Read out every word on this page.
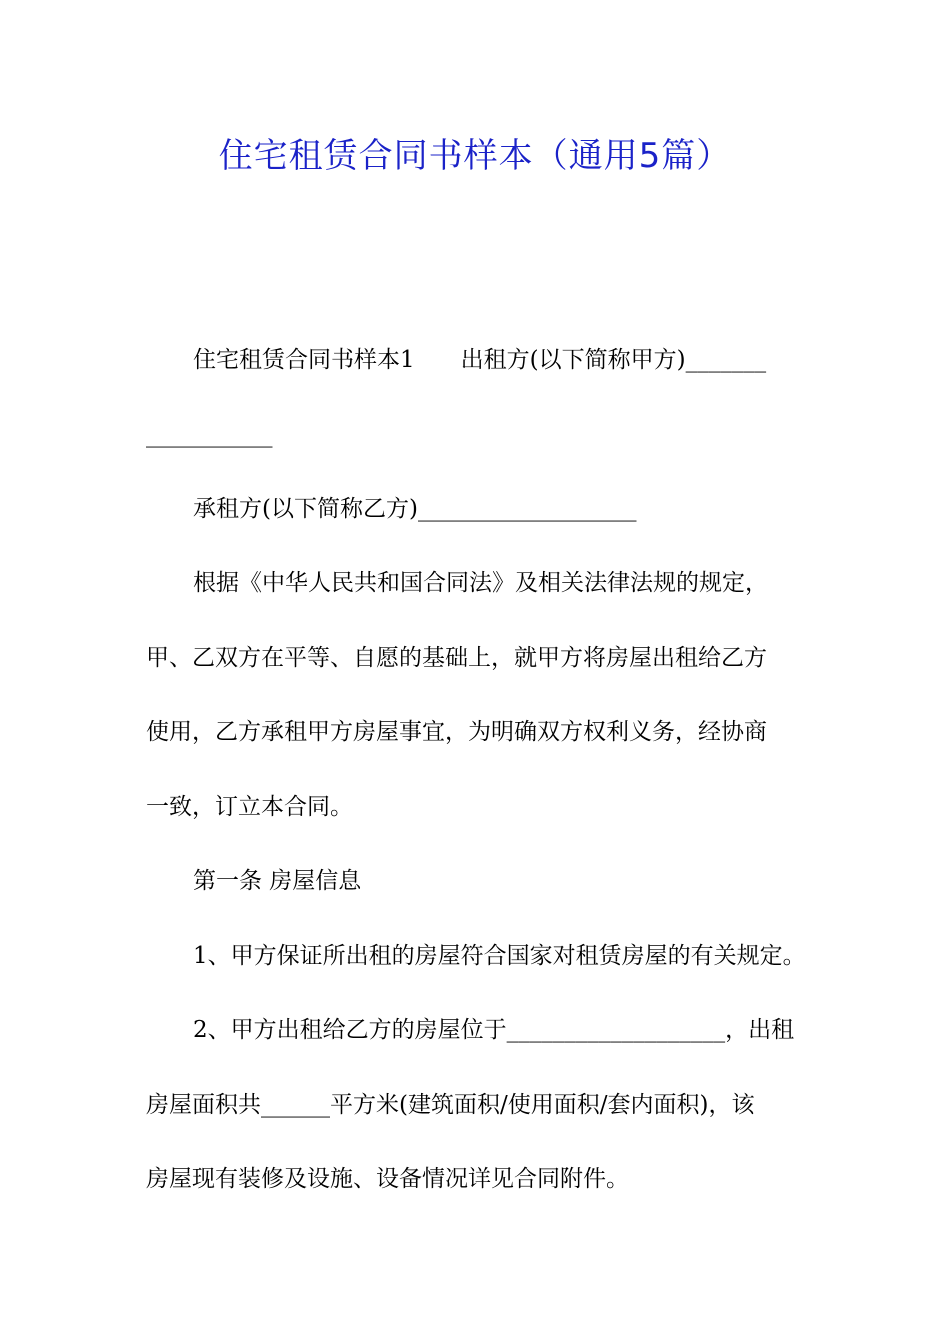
住宅租赁合同书样本（通用5篇）
住宅租赁合同书样本1　　出租方(以下简称甲方)_______
___________
承租方(以下简称乙方)___________________
根据《中华人民共和国合同法》及相关法律法规的规定，
甲、乙双方在平等、自愿的基础上，就甲方将房屋出租给乙方
使用，乙方承租甲方房屋事宜，为明确双方权利义务，经协商
一致，订立本合同。
第一条 房屋信息
1、甲方保证所出租的房屋符合国家对租赁房屋的有关规定。
2、甲方出租给乙方的房屋位于___________________，出租
房屋面积共______平方米(建筑面积/使用面积/套内面积)，该
房屋现有装修及设施、设备情况详见合同附件。
